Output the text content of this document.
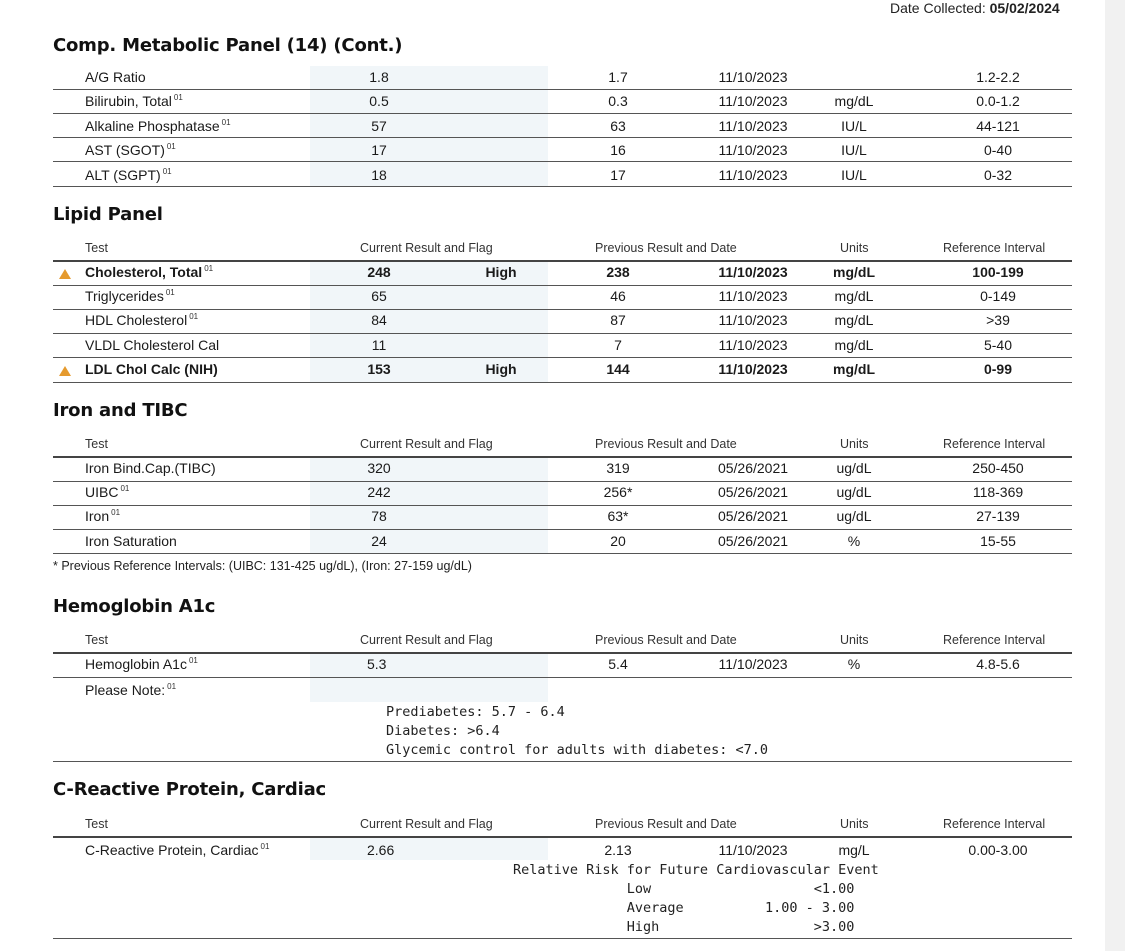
Date Collected: 05/02/2024
Comp. Metabolic Panel (14) (Cont.)
A/G Ratio	1.8	1.7	11/10/2023	1.2-2.2
Bilirubin, Total $^{01}$	0.5	0.3	11/10/2023	mg/dL	0.0-1.2
Alkaline Phosphatase $^{01}$	57	63	11/10/2023	IU/L	44-121
AST (SGOT) $^{01}$	17	16	11/10/2023	IU/L	0-40
ALT (SGPT) $^{01}$	18	17	11/10/2023	IU/L	0-32
Lipid Panel
Test	Current Result and Flag	Previous Result and Date	Units	Reference Interval
Cholesterol, Total $^{01}$	248	High	238	11/10/2023	mg/dL	100-199
Triglycerides $^{01}$	65	46	11/10/2023	mg/dL	0-149
HDL Cholesterol $^{01}$	84	87	11/10/2023	mg/dL	>39
VLDL Cholesterol Cal	11	7	11/10/2023	mg/dL	5-40
LDL Chol Calc (NIH)	153	High	144	11/10/2023	mg/dL	0-99
Iron and TIBC
Test	Current Result and Flag	Previous Result and Date	Units	Reference Interval
Iron Bind.Cap.(TIBC)	320	319	05/26/2021	ug/dL	250-450
UIBC $^{01}$	242	256*	05/26/2021	ug/dL	118-369
Iron $^{01}$	78	63*	05/26/2021	ug/dL	27-139
Iron Saturation	24	20	05/26/2021	%	15-55
* Previous Reference Intervals: (UIBC: 131-425 ug/dL), (Iron: 27-159 ug/dL)
Hemoglobin A1c
Test	Current Result and Flag	Previous Result and Date	Units	Reference Interval
Hemoglobin A1c $^{01}$	5.3	5.4	11/10/2023	%	4.8-5.6
Please Note: $^{01}$
Prediabetes: 5.7 - 6.4
Diabetes: >6.4
Glycemic control for adults with diabetes: <7.0
C-Reactive Protein, Cardiac
Test	Current Result and Flag	Previous Result and Date	Units	Reference Interval
C-Reactive Protein, Cardiac $^{01}$	2.66	2.13	11/10/2023	mg/L	0.00-3.00
Relative Risk for Future Cardiovascular Event
Low                    <1.00
Average          1.00 - 3.00
High                   >3.00
